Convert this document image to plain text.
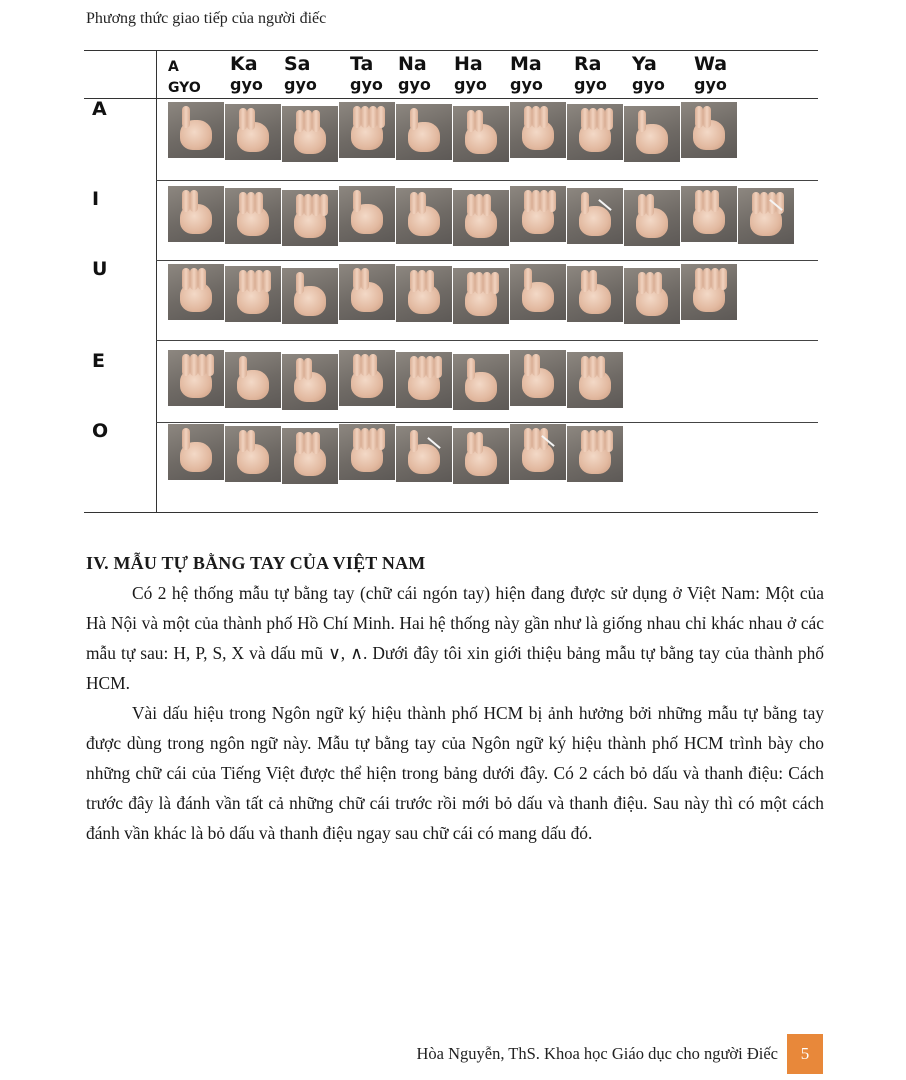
Phương thức giao tiếp của người điếc
A
GYO
Ka
gyo
Sa
gyo
Ta
gyo
Na
gyo
Ha
gyo
Ma
gyo
Ra
gyo
Ya
gyo
Wa
gyo
A
I
U
E
O
IV. MẪU TỰ BẰNG TAY CỦA VIỆT NAM

Có 2 hệ thống mẫu tự bằng tay (chữ cái ngón tay) hiện đang được sử dụng ở Việt Nam: Một của Hà Nội và một của thành phố Hồ Chí Minh. Hai hệ thống này gần như là giống nhau chỉ khác nhau ở các mẫu tự sau: H, P, S, X và dấu mũ ∨, ∧. Dưới đây tôi xin giới thiệu bảng mẫu tự bằng tay của thành phố HCM.

Vài dấu hiệu trong Ngôn ngữ ký hiệu thành phố HCM bị ảnh hưởng bởi những mẫu tự bằng tay được dùng trong ngôn ngữ này. Mẫu tự bằng tay của Ngôn ngữ ký hiệu thành phố HCM trình bày cho những chữ cái của Tiếng Việt được thể hiện trong bảng dưới đây. Có 2 cách bỏ dấu và thanh điệu: Cách trước đây là đánh vần tất cả những chữ cái trước rồi mới bỏ dấu và thanh điệu. Sau này thì có một cách đánh vần khác là bỏ dấu và thanh điệu ngay sau chữ cái có mang dấu đó.

Hòa Nguyễn, ThS. Khoa học Giáo dục cho người Điếc	5
